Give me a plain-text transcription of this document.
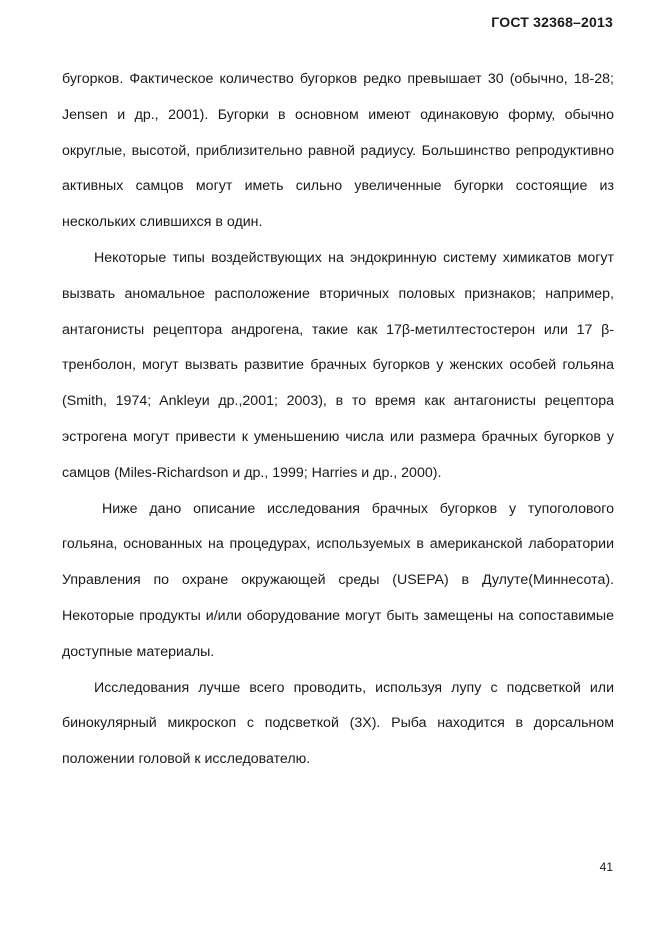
ГОСТ 32368–2013

бугорков. Фактическое количество бугорков редко превышает 30 (обычно, 18-28; Jensen и др., 2001). Бугорки в основном имеют одинаковую форму, обычно округлые, высотой, приблизительно равной радиусу. Большинство репродуктивно активных самцов могут иметь сильно увеличенные бугорки состоящие из нескольких слившихся в один.

Некоторые типы воздействующих на эндокринную систему химикатов могут вызвать аномальное расположение вторичных половых признаков; например, антагонисты рецептора андрогена, такие как 17β-метилтестостерон или 17 β-тренболон, могут вызвать развитие брачных бугорков у женских особей гольяна (Smith, 1974; Ankleyи др.,2001; 2003), в то время как антагонисты рецептора эстрогена могут привести к уменьшению числа или размера брачных бугорков у самцов (Miles-Richardson и др., 1999; Harries и др., 2000).

Ниже дано описание исследования брачных бугорков у тупоголового гольяна, основанных на процедурах, используемых в американской лаборатории Управления по охране окружающей среды (USEPA) в Дулуте(Миннесота). Некоторые продукты и/или оборудование могут быть замещены на сопоставимые доступные материалы.

Исследования лучше всего проводить, используя лупу с подсветкой или бинокулярный микроскоп с подсветкой (3X). Рыба находится в дорсальном положении головой к исследователю.

41
